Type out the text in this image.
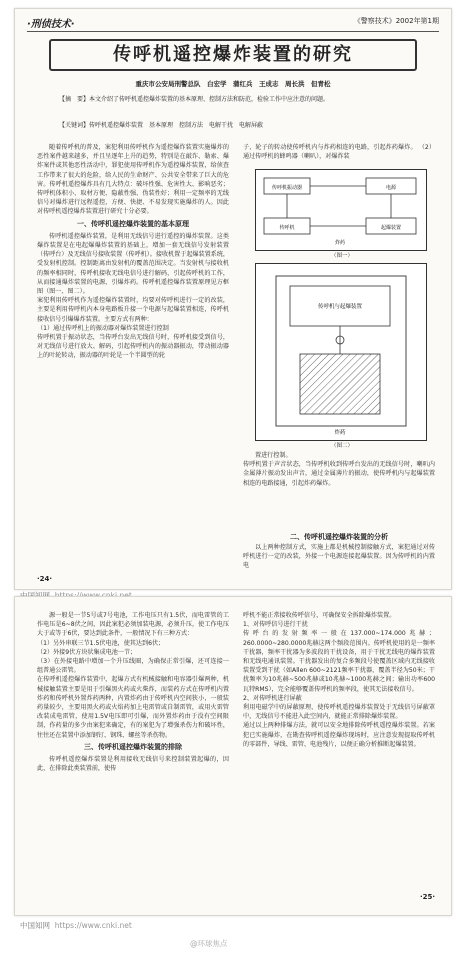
·刑侦技术·	《警察技术》2002年第1期
传呼机遥控爆炸装置的研究
重庆市公安局刑警总队　白宏学　蒲红兵　王成志　周长洪　但青松
【摘　要】本文介绍了传呼机遥控爆炸装置的基本原理、控制方法和防范，检验工作中应注意的问题。
【关键词】传呼机遥控爆炸装置　基本原理　控制方法　电解干扰　电解屏蔽
随着传呼机的普及，案犯利用传呼机作为遥控爆炸装置实施爆炸的恶性案件越来越多，并且呈逐年上升的趋势，特别是在敲诈、勒索、爆炸案件或其他恶性活动中，罪犯使用传呼机作为遥控爆炸装置，给侦查工作带来了很大的危险，给人民的生命财产、公共安全带来了巨大的危害。传呼机遥控爆炸具有几大特点：破坏性强、危害性大、影响恶劣；传呼机体积小、取材方便、隐蔽性强、伪装性好；利用一定频率的无线信号对爆炸进行远程遥控，方便、快捷、不易发现实施爆炸的人。因此对传呼机遥控爆炸装置进行研究十分必要。
一、传呼机遥控爆炸装置的基本原理
传呼机遥控爆炸装置，是利用无线信号进行遥控的爆炸装置。这类爆炸装置是在电起爆爆炸装置的基础上，增加一套无线信号发射装置（传呼台）及无线信号接收装置（传呼机）。接收机置于起爆装置系统，受发射机控制。控制距离由发射机的覆盖范围决定。当发射机与接收机的频率相同时，传呼机接收无线电信号进行解码，引起传呼机的工作，从而接通爆炸装置的电源，引爆炸药。传呼机遥控爆炸装置原理见方框图（图一、图二）。
案犯利用传呼机作为遥控爆炸装置时，均要对传呼机进行一定的改装，主要是利用传呼机内本身电路板升接一个电源与起爆装置相连，传呼机接收信号引爆爆炸装置。主要方式有两种：
（1）通过传呼机上的振动器对爆炸装置进行控制
传呼机置于振动状态，当传呼台发出无线信号时，传呼机接受到信号，对无线信号进行放大、解码，引起传呼机内的振动器振动，带动振动器上的叶轮转动，振动器的叶轮是一个半圆型的轮
子，轮子的转动使传呼机内与炸药相连的电路，引起炸药爆炸。 （2）通过传呼机的蜂鸣器（喇叭），对爆炸装
传呼机振动器
传呼机
电源
起爆装置
炸药
（图一）
传呼机与起爆装置
炸药
（图二）
置进行控制。
传呼机置于声音状态，当传呼机收到传呼台发出的无线信号时，喇叭内金属薄片振动发出声音，通过金属薄片的振动，使传呼机内与起爆装置相连的电路接通，引起炸药爆炸。
二、传呼机遥控爆炸装置的分析
以上两种控制方式，实施上都是机械控制接触方式，案犯通过对传呼机进行一定的改装，外接一个电源连接起爆装置。因为传呼机的内置电
·24·

源一般是一节5号或7号电池，工作电压只有1.5伏，而电雷管的工作电压是6~8伏之间，因此案犯必须加装电源，必须升压，使工作电压大于或等于6伏，要达到此条件，一般情况下有三种方式：
（1）另外串联三节1.5伏电池，使其达到6伏；
（2）外接9伏方块状集成电池一节；
（3）在外接电路中增加一个升压线圈，为确保正常引爆，还可连接一组普通公雷管。
在传呼机遥控爆炸装置中，起爆方式有机械接触和电容器引爆两种，机械接触装置主要是用于引爆黑火药或火柴炸，而装药方式在传呼机内置炸药和传呼机外置炸药两种，内置炸药由于传呼机内空间狭小，一般装药量较少，主要用黑火药或火焰药加上电雷管或自制雷管，或用火雷管改装成电雷管，使用1.5V电压即可引爆，而外置炸药由于没有空间限制，作药量的多少由案犯来确定，有的案犯为了增强杀伤力和破坏性，往往还在装置中添加钢钉、钢珠、螺丝等杀伤物。
三、传呼机遥控爆炸装置的排除
传呼机遥控爆炸装置是利用接收无线信号来控制装置起爆的，因此，在排除此类装置前，使传
呼机不能正常接收传呼信号，可确保安全拆除爆炸装置。
1、对传呼信号进行干扰
传呼台的发射频率一般在137.000~174.000兆赫；260.0000~280.0000兆赫这两个频段范围内。传呼机使用的是一频率干扰器，频率干扰器为多波段的干扰设备，用于干扰无线电的爆炸装置和无线电通讯装置。干扰器发出的复合多频段号使覆盖区域内无线接收装置受到干扰（如Allen 600~2121频率干扰器，覆盖半径为50米；干扰频率为10兆赫~500兆赫或10兆赫~1000兆赫之间；输出功率600瓦特RMS），完全能够覆盖传呼机的频率段，使其无法接收信号。
2、对传呼机进行屏蔽
利用电磁学中的屏蔽原理，使传呼机遥控爆炸装置处于无线信号屏蔽罩中，无线信号不能进入此空间内，就能正常排除爆炸装置。
通过以上两种排爆方法，就可以安全地排除传呼机遥控爆炸装置。若案犯已实施爆炸，在勘查传呼机遥控爆炸现场时，应注意发现提取传呼机的零部件，导线、雷管、电池残片，以便正确分析推断起爆装置。
·25·
中国知网 https://www.cnki.net
@环球焦点
